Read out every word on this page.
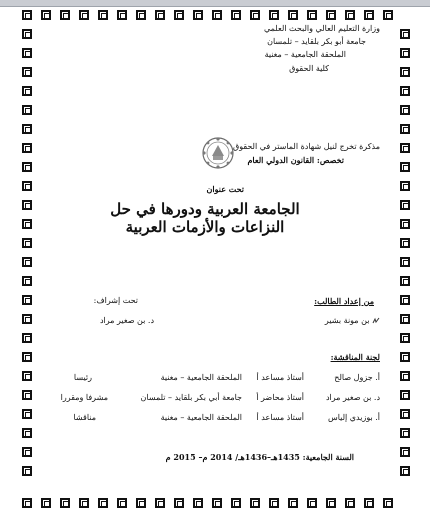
وزارة التعليم العالي والبحث العلمي
جامعة أبو بكر بلقايد – تلمسان
الملحقة الجامعية – مغنية
كلية الحقوق
مذكرة تخرج لنيل شهادة الماستر في الحقوق
تخصص: القانون الدولي العام
تحت عنوان
الجامعة العربية ودورها في حل
النزاعات والأزمات العربية
من إعداد الطالب:
تحت إشراف:
بن مونة بشير
د. بن صغير مراد
لجنة المناقشة:
أ. جزول صالح
أستاذ مساعد أ
الملحقة الجامعية – مغنية
رئيسا
د. بن صغير مراد
أستاذ محاضر أ
جامعة أبي بكر بلقايد – تلمسان
مشرفا ومقررا
أ. بوزيدي إلياس
أستاذ مساعد أ
الملحقة الجامعية – مغنية
مناقشا
السنة الجامعية: 1435هـ–1436هـ/ 2014 م– 2015 م
